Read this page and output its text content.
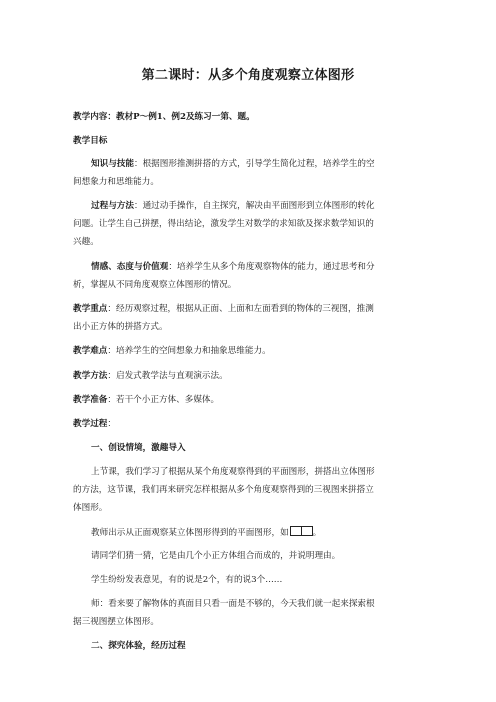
第二课时：从多个角度观察立体图形
教学内容：教材P～例1、例2及练习一第、题。
教学目标
知识与技能：根据图形推测拼搭的方式，引导学生简化过程，培养学生的空
间想象力和思维能力。
过程与方法：通过动手操作，自主探究，解决由平面图形到立体图形的转化
问题。让学生自己拼摆，得出结论，激发学生对数学的求知欲及探求数学知识的
兴趣。
情感、态度与价值观：培养学生从多个角度观察物体的能力，通过思考和分
析，掌握从不同角度观察立体图形的情况。
教学重点：经历观察过程，根据从正面、上面和左面看到的物体的三视图，推测
出小正方体的拼搭方式。
教学难点：培养学生的空间想象力和抽象思维能力。
教学方法：启发式教学法与直观演示法。
教学准备：若干个小正方体、多媒体。
教学过程：
一、创设情境，激趣导入
上节课，我们学习了根据从某个角度观察得到的平面图形，拼搭出立体图形
的方法，这节课，我们再来研究怎样根据从多个角度观察得到的三视图来拼搭立
体图形。
教师出示从正面观察某立体图形得到的平面图形，如	。
请同学们猜一猜，它是由几个小正方体组合而成的，并说明理由。
学生纷纷发表意见，有的说是2个，有的说3个……
师：看来要了解物体的真面目只看一面是不够的，今天我们就一起来探索根
据三视图摆立体图形。
二、探究体验，经历过程
